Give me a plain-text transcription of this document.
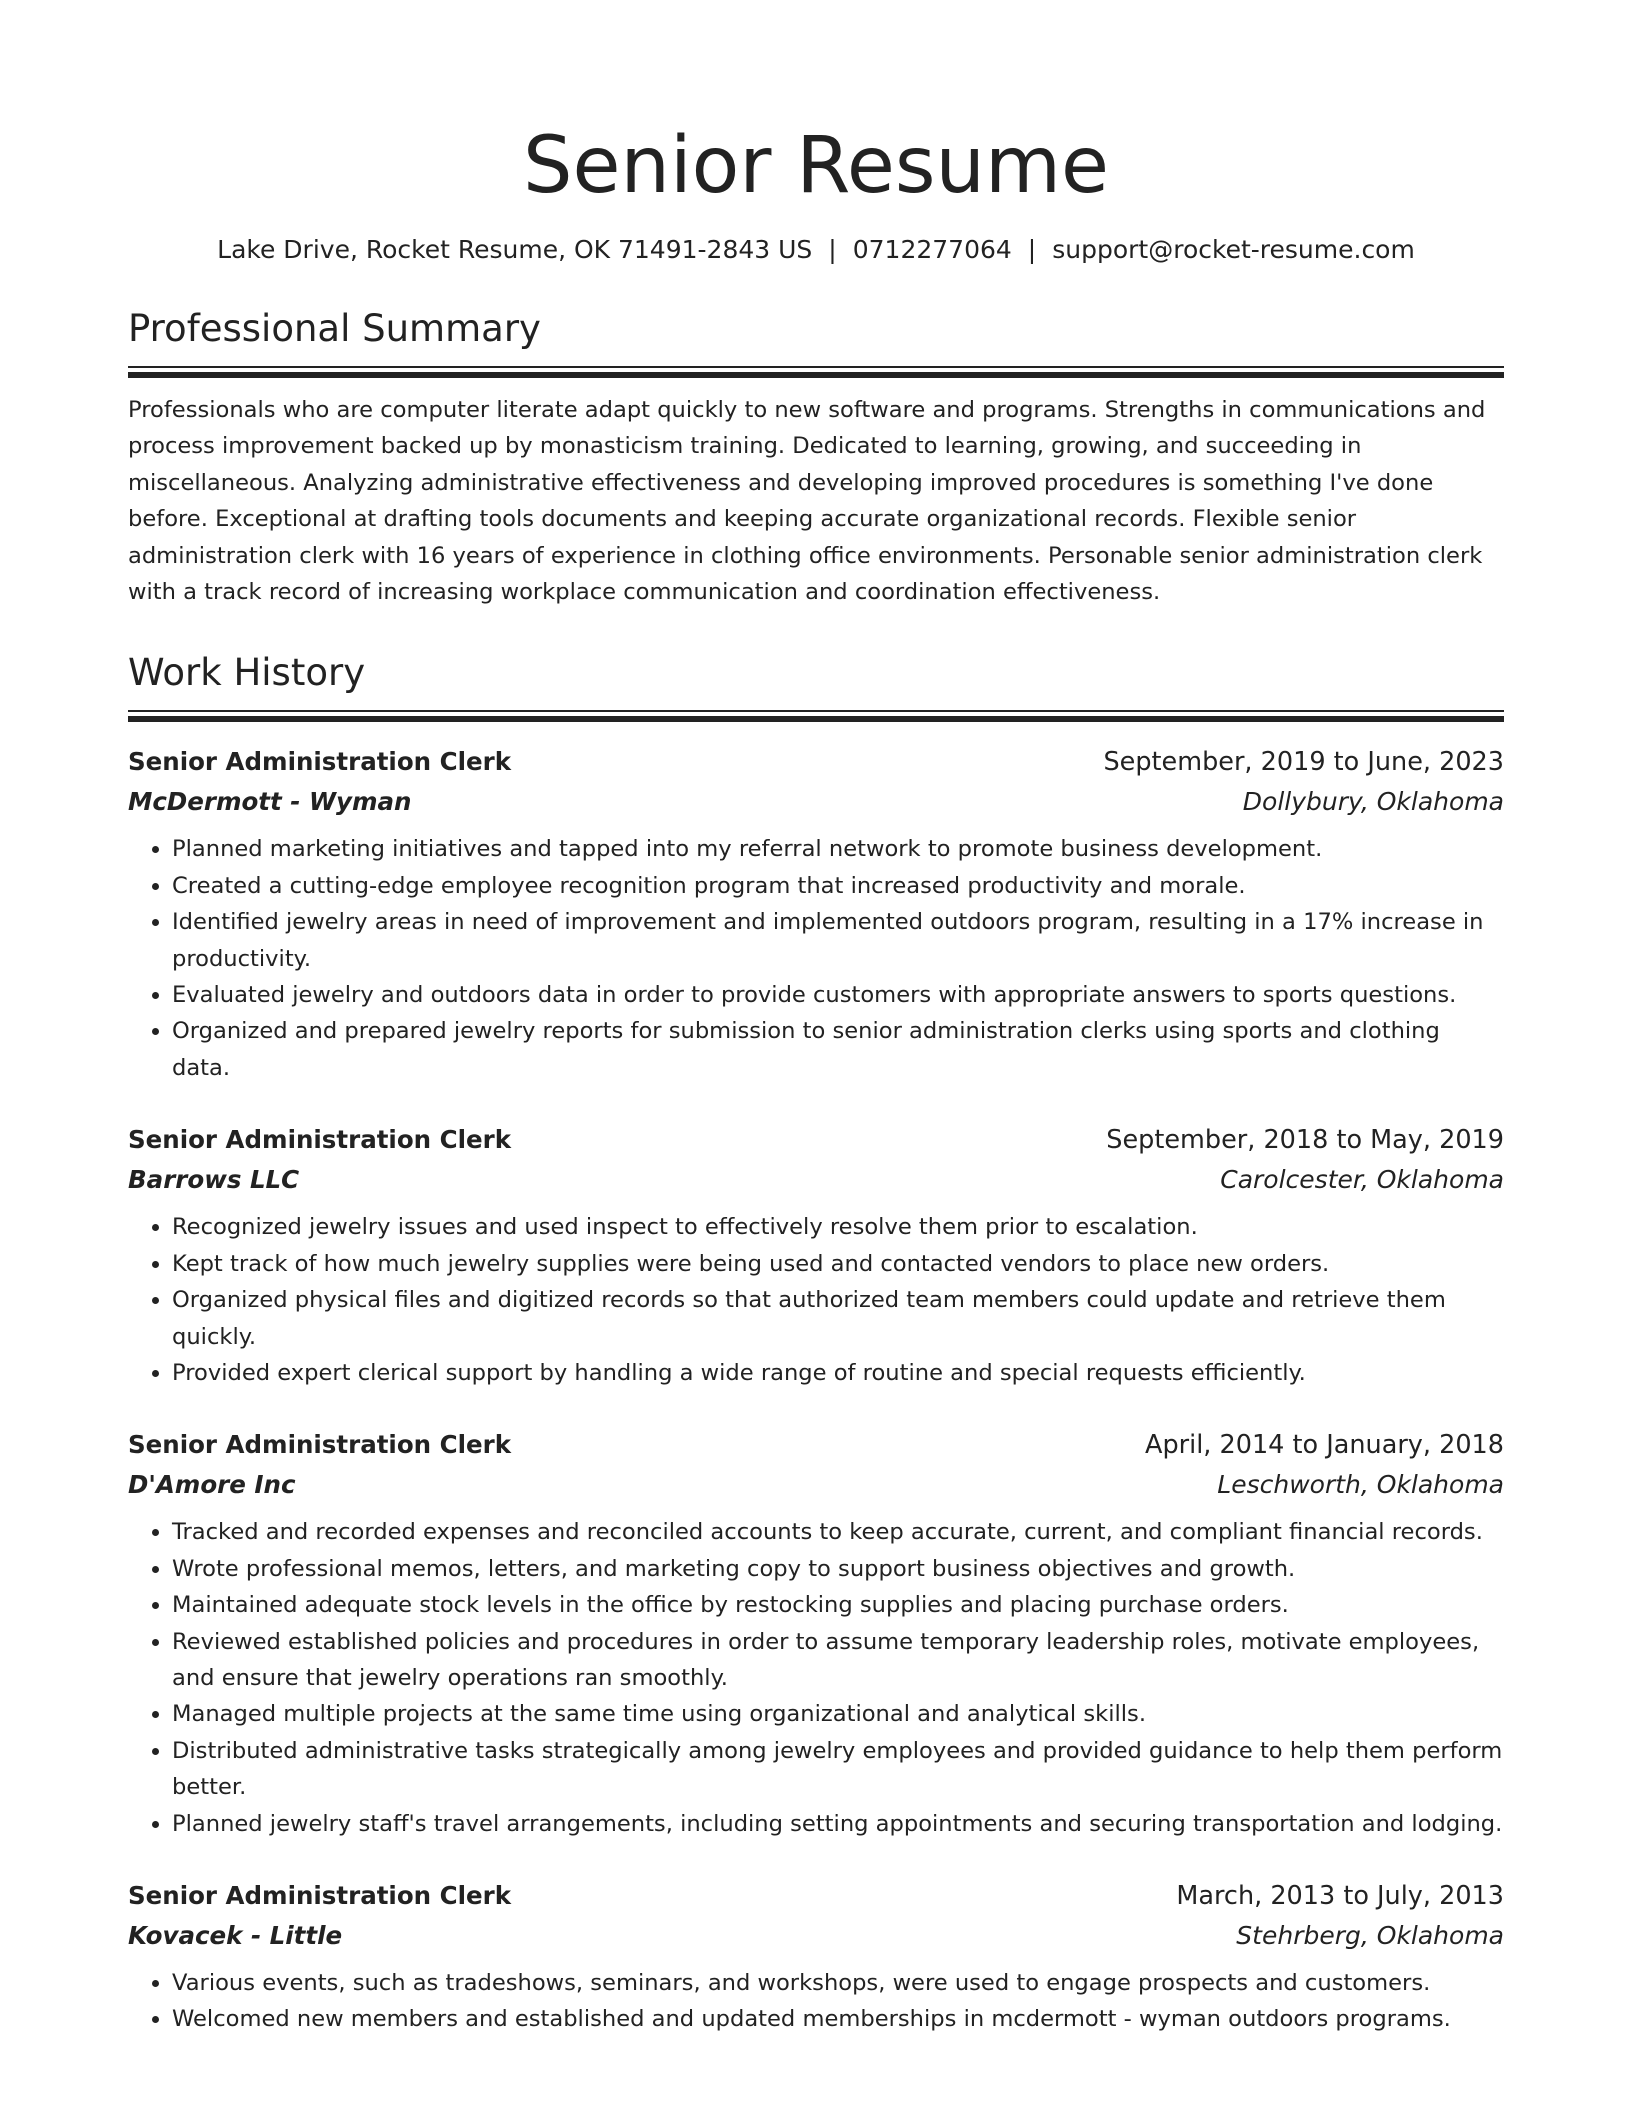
Senior Resume
Lake Drive, Rocket Resume, OK 71491-2843 US | 0712277064 | support@rocket-resume.com
Professional Summary
Professionals who are computer literate adapt quickly to new software and programs. Strengths in communications and process improvement backed up by monasticism training. Dedicated to learning, growing, and succeeding in miscellaneous. Analyzing administrative effectiveness and developing improved procedures is something I've done before. Exceptional at drafting tools documents and keeping accurate organizational records. Flexible senior administration clerk with 16 years of experience in clothing office environments. Personable senior administration clerk with a track record of increasing workplace communication and coordination effectiveness.
Work History
Senior Administration Clerk	September, 2019 to June, 2023
McDermott - Wyman	Dollybury, Oklahoma
• Planned marketing initiatives and tapped into my referral network to promote business development.
• Created a cutting-edge employee recognition program that increased productivity and morale.
• Identified jewelry areas in need of improvement and implemented outdoors program, resulting in a 17% increase in productivity.
• Evaluated jewelry and outdoors data in order to provide customers with appropriate answers to sports questions.
• Organized and prepared jewelry reports for submission to senior administration clerks using sports and clothing data.
Senior Administration Clerk	September, 2018 to May, 2019
Barrows LLC	Carolcester, Oklahoma
• Recognized jewelry issues and used inspect to effectively resolve them prior to escalation.
• Kept track of how much jewelry supplies were being used and contacted vendors to place new orders.
• Organized physical files and digitized records so that authorized team members could update and retrieve them quickly.
• Provided expert clerical support by handling a wide range of routine and special requests efficiently.
Senior Administration Clerk	April, 2014 to January, 2018
D'Amore Inc	Leschworth, Oklahoma
• Tracked and recorded expenses and reconciled accounts to keep accurate, current, and compliant financial records.
• Wrote professional memos, letters, and marketing copy to support business objectives and growth.
• Maintained adequate stock levels in the office by restocking supplies and placing purchase orders.
• Reviewed established policies and procedures in order to assume temporary leadership roles, motivate employees, and ensure that jewelry operations ran smoothly.
• Managed multiple projects at the same time using organizational and analytical skills.
• Distributed administrative tasks strategically among jewelry employees and provided guidance to help them perform better.
• Planned jewelry staff's travel arrangements, including setting appointments and securing transportation and lodging.
Senior Administration Clerk	March, 2013 to July, 2013
Kovacek - Little	Stehrberg, Oklahoma
• Various events, such as tradeshows, seminars, and workshops, were used to engage prospects and customers.
• Welcomed new members and established and updated memberships in mcdermott - wyman outdoors programs.
